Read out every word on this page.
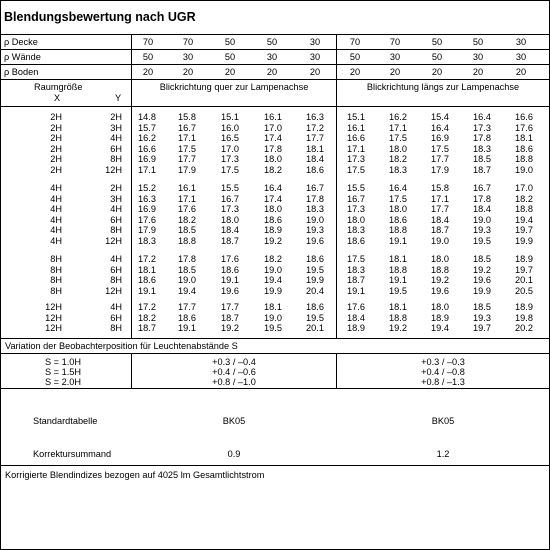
Blendungsbewertung nach UGR
ρ Decke	70	70	50	50	30	70	70	50	50	30
ρ Wände	50	30	50	30	30	50	30	50	30	30
ρ Boden	20	20	20	20	20	20	20	20	20	20
Raumgröße
X	Y
Blickrichtung quer zur Lampenachse	Blickrichtung längs zur Lampenachse
2H	2H	14.8	15.8	15.1	16.1	16.3	15.1	16.2	15.4	16.4	16.6
2H	3H	15.7	16.7	16.0	17.0	17.2	16.1	17.1	16.4	17.3	17.6
2H	4H	16.2	17.1	16.5	17.4	17.7	16.6	17.5	16.9	17.8	18.1
2H	6H	16.6	17.5	17.0	17.8	18.1	17.1	18.0	17.5	18.3	18.6
2H	8H	16.9	17.7	17.3	18.0	18.4	17.3	18.2	17.7	18.5	18.8
2H	12H	17.1	17.9	17.5	18.2	18.6	17.5	18.3	17.9	18.7	19.0
4H	2H	15.2	16.1	15.5	16.4	16.7	15.5	16.4	15.8	16.7	17.0
4H	3H	16.3	17.1	16.7	17.4	17.8	16.7	17.5	17.1	17.8	18.2
4H	4H	16.9	17.6	17.3	18.0	18.3	17.3	18.0	17.7	18.4	18.8
4H	6H	17.6	18.2	18.0	18.6	19.0	18.0	18.6	18.4	19.0	19.4
4H	8H	17.9	18.5	18.4	18.9	19.3	18.3	18.8	18.7	19.3	19.7
4H	12H	18.3	18.8	18.7	19.2	19.6	18.6	19.1	19.0	19.5	19.9
8H	4H	17.2	17.8	17.6	18.2	18.6	17.5	18.1	18.0	18.5	18.9
8H	6H	18.1	18.5	18.6	19.0	19.5	18.3	18.8	18.8	19.2	19.7
8H	8H	18.6	19.0	19.1	19.4	19.9	18.7	19.1	19.2	19.6	20.1
8H	12H	19.1	19.4	19.6	19.9	20.4	19.1	19.5	19.6	19.9	20.5
12H	4H	17.2	17.7	17.7	18.1	18.6	17.6	18.1	18.0	18.5	18.9
12H	6H	18.2	18.6	18.7	19.0	19.5	18.4	18.8	18.9	19.3	19.8
12H	8H	18.7	19.1	19.2	19.5	20.1	18.9	19.2	19.4	19.7	20.2
Variation der Beobachterposition für Leuchtenabstände S
S = 1.0H	+0.3 / –0.4	+0.3 / –0.3
S = 1.5H	+0.4 / –0.6	+0.4 / –0.8
S = 2.0H	+0.8 / –1.0	+0.8 / –1.3
Standardtabelle	BK05	BK05
Korrektursummand	0.9	1.2
Korrigierte Blendindizes bezogen auf 4025 lm Gesamtlichtstrom
